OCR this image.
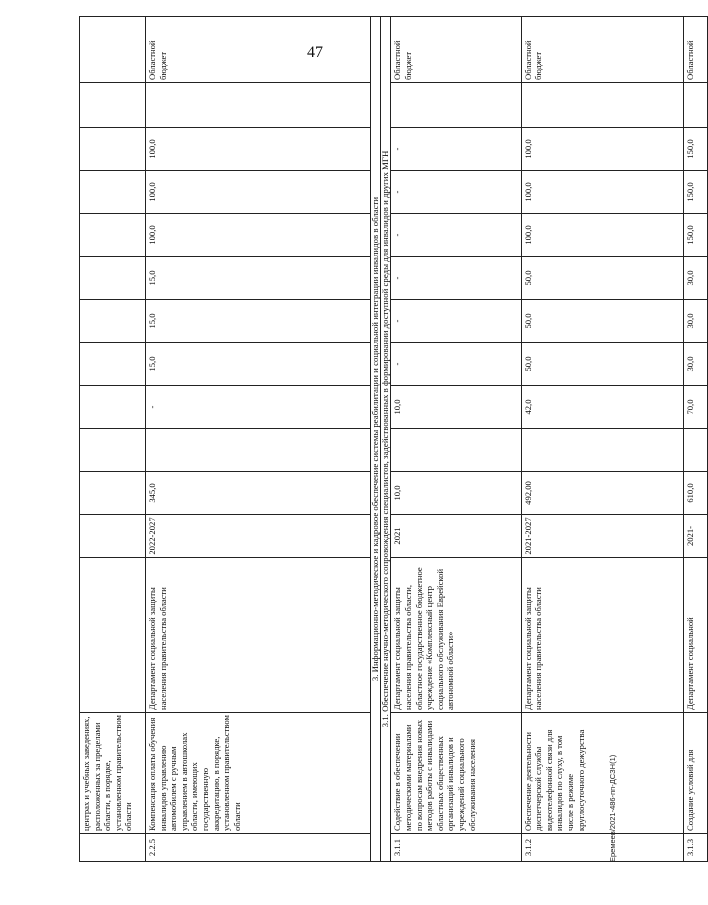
47
Еремеев/2021-486-пп-ДСЗН(1)
	центрах и учебных заведениях, расположенных за пределами области, в порядке, установленном правительством области														
2.2.5	Компенсация оплаты обучения инвалидов управлению автомобилем с ручным управлением в автошколах области, имеющих государственную аккредитацию, в порядке, установленном правительством области	Департамент социальной защиты населения правительства области	2022-2027	345,0		-	15,0	15,0	15,0	100,0	100,0	100,0		Областной бюджет	
3. Информационно-методическое и кадровое обеспечение системы реабилитации и социальной интеграции инвалидов в области															
3.1. Обеспечение научно-методического сопровождения специалистов, задействованных в формировании доступной среды для инвалидов и других МГН															
3.1.1	Содействие в обеспечении методическими материалами по вопросам внедрения новых методов работы с инвалидами областных общественных организаций инвалидов и учреждений социального обслуживания населения	Департамент социальной защиты населения правительства области, областное государственное бюджетное учреждение «Комплексный центр социального обслуживания Еврейской автономной области»	2021	10,0		10,0	-	-	-	-	-	-		Областной бюджет	
3.1.2	Обеспечение деятельности диспетчерской службы видеотелефонной связи для инвалидов по слуху, в том числе в режиме круглосуточного дежурства	Департамент социальной защиты населения правительства области	2021-2027	492,00		42,0	50,0	50,0	50,0	100,0	100,0	100,0		Областной бюджет	
3.1.3	Создание условий для	Департамент социальной	2021-	610,0		70,0	30,0	30,0	30,0	150,0	150,0	150,0		Областной	
